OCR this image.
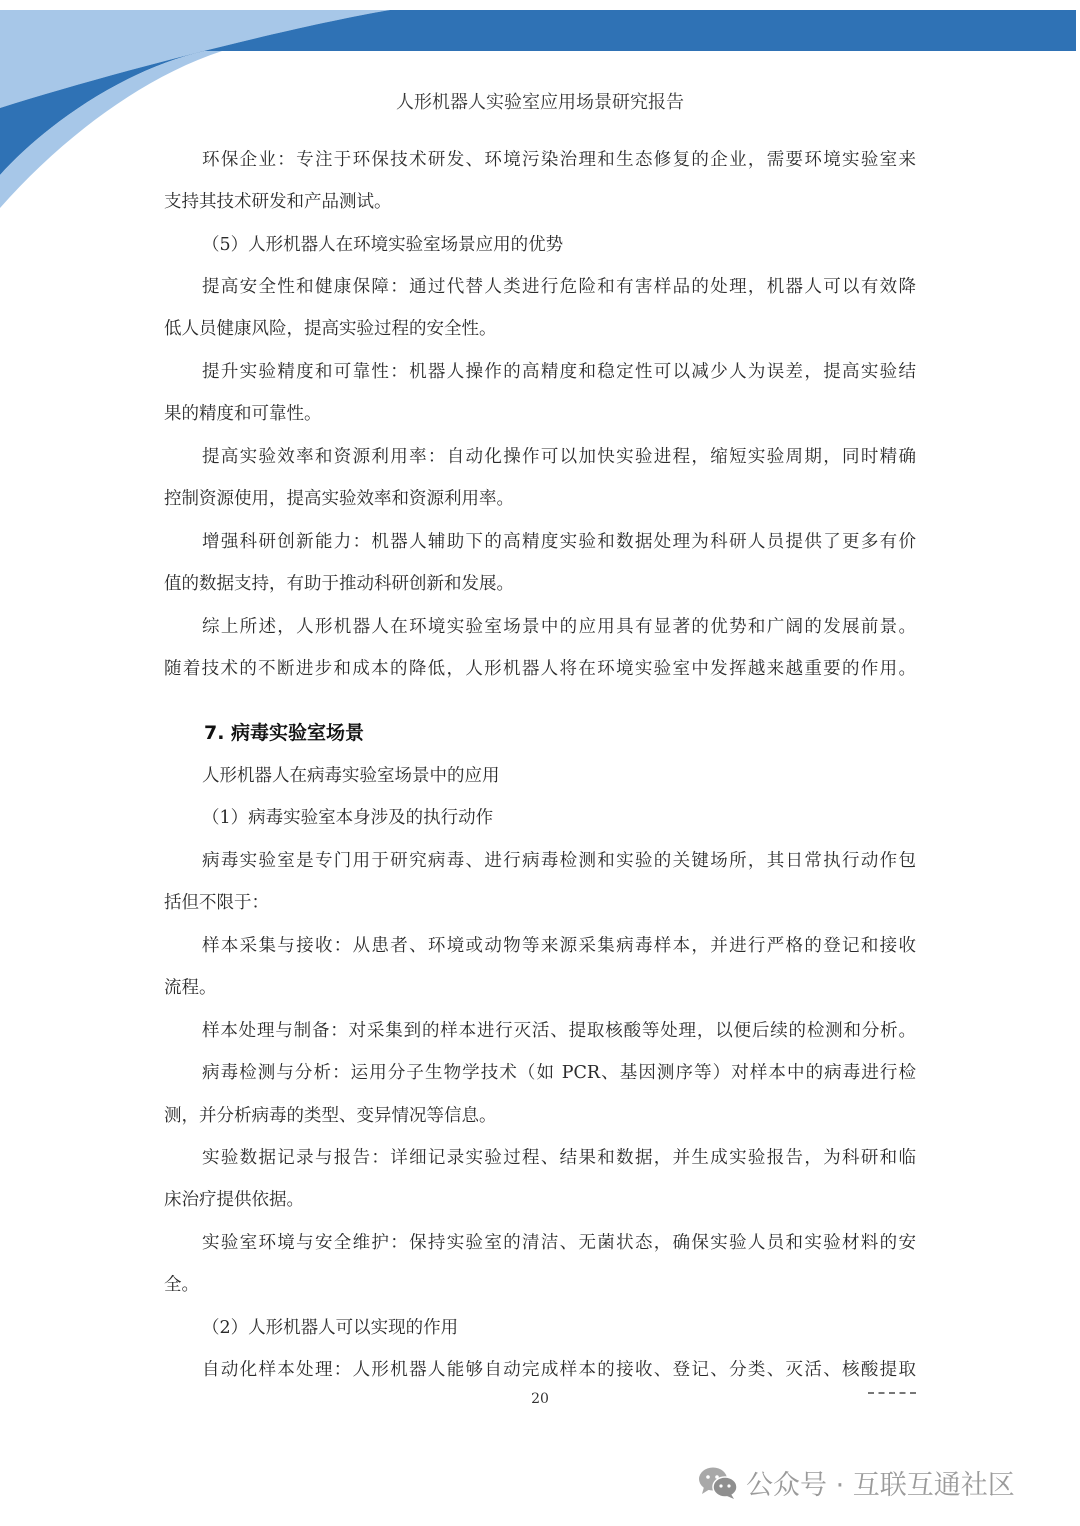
人形机器人实验室应用场景研究报告
环保企业：专注于环保技术研发、环境污染治理和生态修复的企业，需要环境实验室来
支持其技术研发和产品测试。
（5）人形机器人在环境实验室场景应用的优势
提高安全性和健康保障：通过代替人类进行危险和有害样品的处理，机器人可以有效降
低人员健康风险，提高实验过程的安全性。
提升实验精度和可靠性：机器人操作的高精度和稳定性可以减少人为误差，提高实验结
果的精度和可靠性。
提高实验效率和资源利用率：自动化操作可以加快实验进程，缩短实验周期，同时精确
控制资源使用，提高实验效率和资源利用率。
增强科研创新能力：机器人辅助下的高精度实验和数据处理为科研人员提供了更多有价
值的数据支持，有助于推动科研创新和发展。
综上所述，人形机器人在环境实验室场景中的应用具有显著的优势和广阔的发展前景。
随着技术的不断进步和成本的降低，人形机器人将在环境实验室中发挥越来越重要的作用。
7. 病毒实验室场景
人形机器人在病毒实验室场景中的应用
（1）病毒实验室本身涉及的执行动作
病毒实验室是专门用于研究病毒、进行病毒检测和实验的关键场所，其日常执行动作包
括但不限于：
样本采集与接收：从患者、环境或动物等来源采集病毒样本，并进行严格的登记和接收
流程。
样本处理与制备：对采集到的样本进行灭活、提取核酸等处理，以便后续的检测和分析。
病毒检测与分析：运用分子生物学技术（如 PCR、基因测序等）对样本中的病毒进行检
测，并分析病毒的类型、变异情况等信息。
实验数据记录与报告：详细记录实验过程、结果和数据，并生成实验报告，为科研和临
床治疗提供依据。
实验室环境与安全维护：保持实验室的清洁、无菌状态，确保实验人员和实验材料的安
全。
（2）人形机器人可以实现的作用
自动化样本处理：人形机器人能够自动完成样本的接收、登记、分类、灭活、核酸提取
20
公众号 · 互联互通社区
